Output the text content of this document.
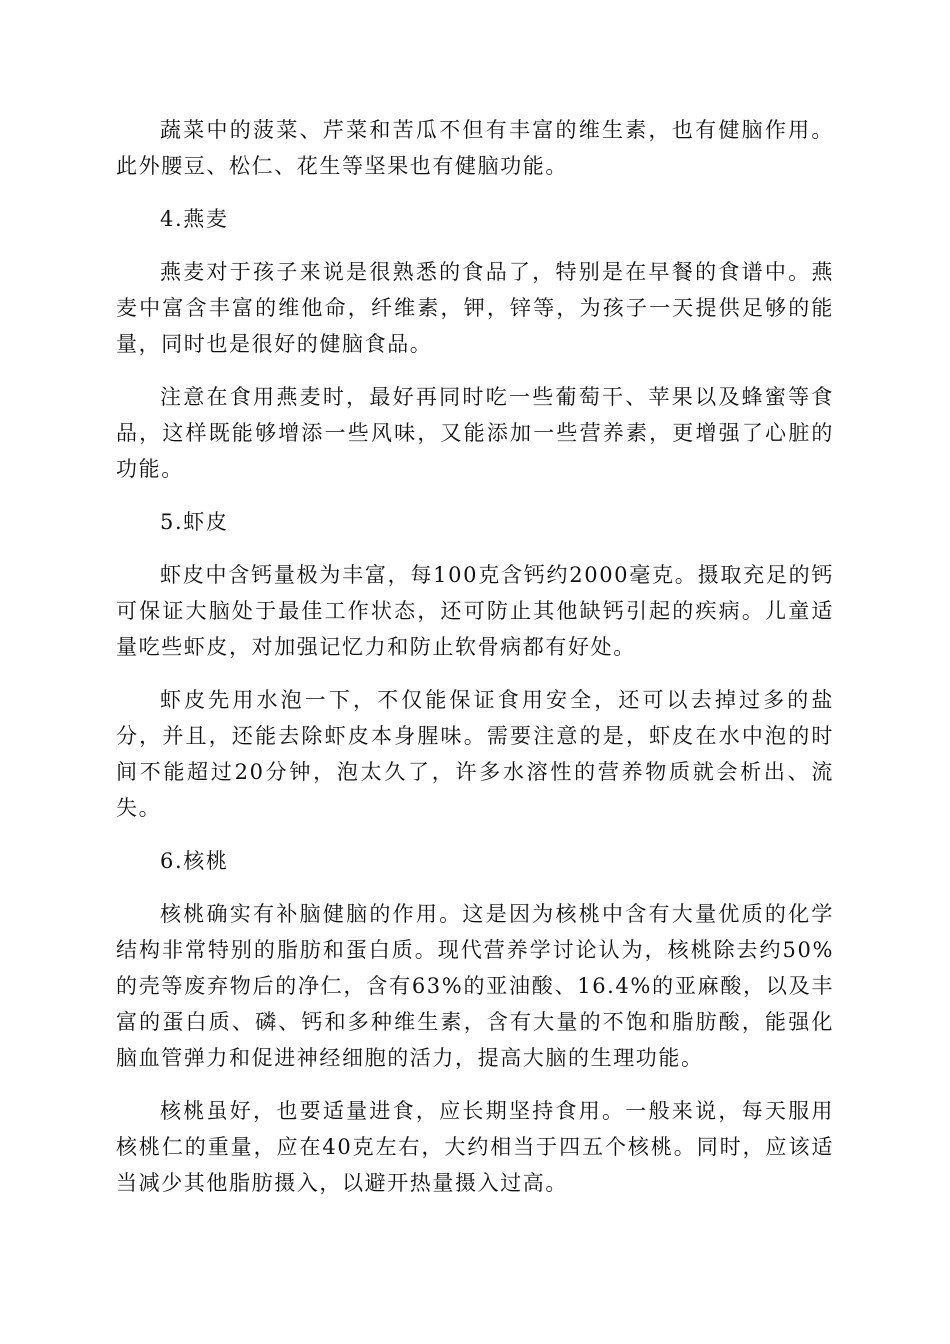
蔬菜中的菠菜、芹菜和苦瓜不但有丰富的维生素，也有健脑作用。此外腰豆、松仁、花生等坚果也有健脑功能。

4.燕麦

燕麦对于孩子来说是很熟悉的食品了，特别是在早餐的食谱中。燕麦中富含丰富的维他命，纤维素，钾，锌等，为孩子一天提供足够的能量，同时也是很好的健脑食品。

注意在食用燕麦时，最好再同时吃一些葡萄干、苹果以及蜂蜜等食品，这样既能够增添一些风味，又能添加一些营养素，更增强了心脏的功能。

5.虾皮

虾皮中含钙量极为丰富，每100克含钙约2000毫克。摄取充足的钙可保证大脑处于最佳工作状态，还可防止其他缺钙引起的疾病。儿童适量吃些虾皮，对加强记忆力和防止软骨病都有好处。

虾皮先用水泡一下，不仅能保证食用安全，还可以去掉过多的盐分，并且，还能去除虾皮本身腥味。需要注意的是，虾皮在水中泡的时间不能超过20分钟，泡太久了，许多水溶性的营养物质就会析出、流失。

6.核桃

核桃确实有补脑健脑的作用。这是因为核桃中含有大量优质的化学结构非常特别的脂肪和蛋白质。现代营养学讨论认为，核桃除去约50%的壳等废弃物后的净仁，含有63%的亚油酸、16.4%的亚麻酸，以及丰富的蛋白质、磷、钙和多种维生素，含有大量的不饱和脂肪酸，能强化脑血管弹力和促进神经细胞的活力，提高大脑的生理功能。

核桃虽好，也要适量进食，应长期坚持食用。一般来说，每天服用核桃仁的重量，应在40克左右，大约相当于四五个核桃。同时，应该适当减少其他脂肪摄入，以避开热量摄入过高。
